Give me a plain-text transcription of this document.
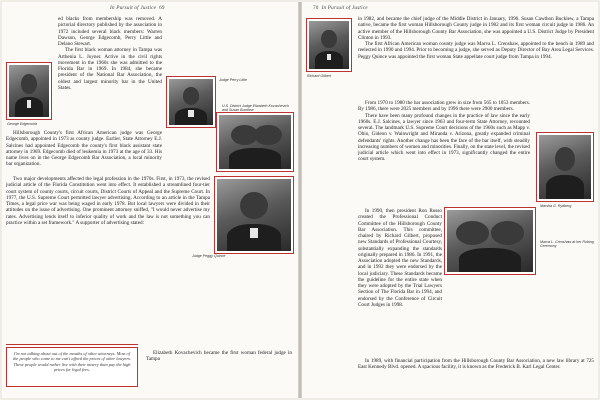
In Pursuit of Justice 69
George Edgecomb
Judge Perry Little
U.S. District Judge Elizabeth Kovachevich and Susan Bucklew
Judge Peggy Quince

ed blacks from membership was removed. A pictorial directory published by the association in 1972 included several black members: Warren Dawson, George Edgecomb, Perry Little and Delano Stewart.

The first black woman attorney in Tampa was Arthenia L. Joyner. Active in the civil rights movement in the 1960s she was admitted to the Florida Bar in 1969. In 1984, she became president of the National Bar Association, the oldest and largest minority bar in the United States.

Hillsborough County's first African American judge was George Edgecomb, appointed in 1973 as county judge. Earlier, State Attorney E.J. Salcines had appointed Edgecomb the county's first black assistant state attorney in 1969. Edgecomb died of leukemia in 1973 at the age of 33. His name lives on in the George Edgecomb Bar Association, a local minority bar organization.

Two major developments affected the legal profession in the 1970s. First, in 1973, the revised judicial article of the Florida Constitution went into effect. It established a streamlined four-tier court system of county courts, circuit courts, District Courts of Appeal and the Supreme Court. In 1977, the U.S. Supreme Court permitted lawyer advertising. According to an article in the Tampa Times, a legal price war was being waged in early 1978. But local lawyers were divided in their attitudes on the issue of advertising. One prominent attorney sniffed, "I would never advertise my rates. Advertising lends itself to inferior quality of work and the law is not something you can practice within a set framework." A supporter of advertising stated:

I'm not talking about out of the mouths of other attorneys. Most of the people who come to me can't afford the prices of other lawyers. These people would rather live with their misery than pay the high prices for legal fees.

Elizabeth Kovachevich became the first woman federal judge in Tampa

70 In Pursuit of Justice
Richard Gilbert
Marsha G. Rydberg
Marva L. Crenshaw at her Robing Ceremony

in 1982, and became the chief judge of the Middle District in January, 1996. Susan Cawthon Bucklew, a Tampa native, became the first woman Hillsborough County judge in 1982 and its first woman circuit judge in 1986. An active member of the Hillsborough County Bar Association, she was appointed a U.S. District Judge by President Clinton in 1993.

The first African American woman county judge was Marva L. Crenshaw, appointed to the bench in 1989 and reelected in 1990 and 1994. Prior to becoming a judge, she served as Deputy Director of Bay Area Legal Services. Peggy Quince was appointed the first woman State appellate court judge from Tampa in 1994.

From 1970 to 1980 the bar association grew in size from 565 to 1053 members. By 1986, there were 2025 members and by 1996 there were 2900 members.

There have been many profound changes in the practice of law since the early 1960s. E.J. Salcines, a lawyer since 1963 and four-term State Attorney, recounted several. The landmark U.S. Supreme Court decisions of the 1960s such as Mapp v. Ohio, Gideon v. Wainwright and Miranda v. Arizona, greatly expanded criminal defendants' rights. Another change has been the face of the bar itself, with steadily increasing numbers of women and minorities. Finally, on the state level, the revised judicial article which went into effect in 1973, significantly changed the entire court system.

In 1990, then president Ron Russo created the Professional Conduct Committee of the Hillsborough County Bar Association. This committee, chaired by Richard Gilbert, proposed new Standards of Professional Courtesy, substantially expanding the standards originally prepared in 1986. In 1991, the Association adopted the new Standards, and in 1992 they were endorsed by the local judiciary. These Standards became the guideline for the entire state when they were adopted by the Trial Lawyers Section of The Florida Bar in 1994, and endorsed by the Conference of Circuit Court Judges in 1998.

In 1989, with financial participation from the Hillsborough County Bar Association, a new law library at 725 East Kennedy Blvd. opened. A spacious facility, it is known as the Frederick B. Karl Legal Center.
